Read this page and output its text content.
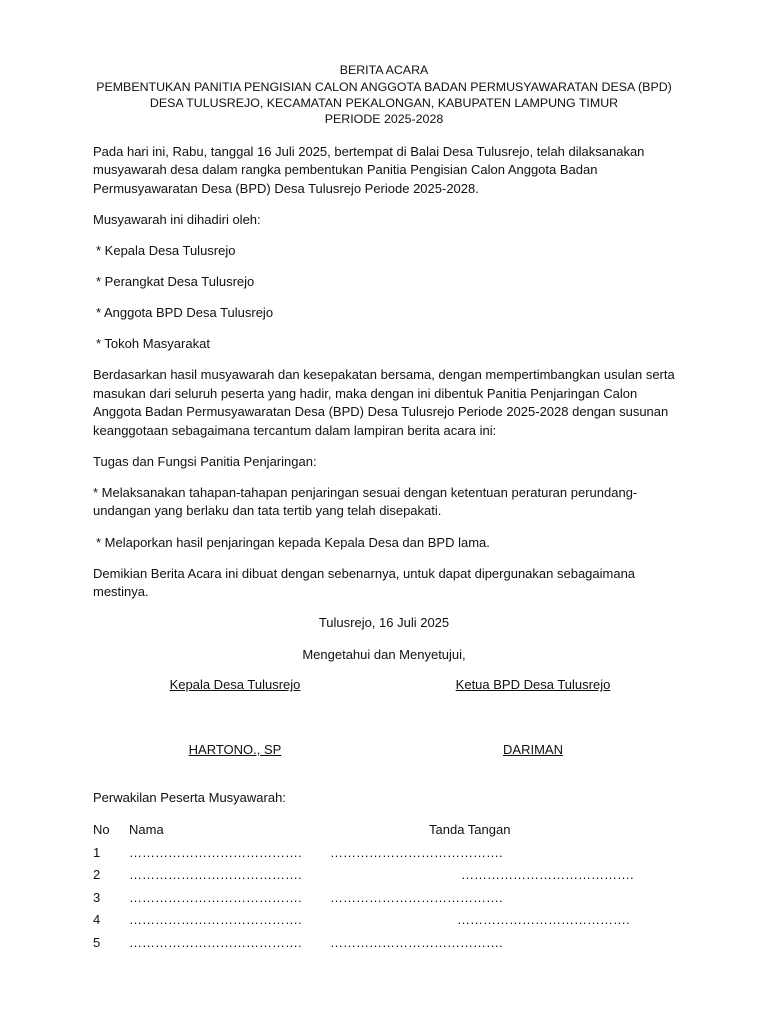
BERITA ACARA
PEMBENTUKAN PANITIA PENGISIAN CALON ANGGOTA BADAN PERMUSYAWARATAN DESA (BPD)
DESA TULUSREJO, KECAMATAN PEKALONGAN, KABUPATEN LAMPUNG TIMUR
PERIODE 2025-2028
Pada hari ini, Rabu, tanggal 16 Juli 2025, bertempat di Balai Desa Tulusrejo, telah dilaksanakan
musyawarah desa dalam rangka pembentukan Panitia Pengisian Calon Anggota Badan
Permusyawaratan Desa (BPD) Desa Tulusrejo Periode 2025-2028.
Musyawarah ini dihadiri oleh:
* Kepala Desa Tulusrejo
* Perangkat Desa Tulusrejo
* Anggota BPD Desa Tulusrejo
* Tokoh Masyarakat
Berdasarkan hasil musyawarah dan kesepakatan bersama, dengan mempertimbangkan usulan serta
masukan dari seluruh peserta yang hadir, maka dengan ini dibentuk Panitia Penjaringan Calon
Anggota Badan Permusyawaratan Desa (BPD) Desa Tulusrejo Periode 2025-2028 dengan susunan
keanggotaan sebagaimana tercantum dalam lampiran berita acara ini:
Tugas dan Fungsi Panitia Penjaringan:
* Melaksanakan tahapan-tahapan penjaringan sesuai dengan ketentuan peraturan perundang-
undangan yang berlaku dan tata tertib yang telah disepakati.
* Melaporkan hasil penjaringan kepada Kepala Desa dan BPD lama.
Demikian Berita Acara ini dibuat dengan sebenarnya, untuk dapat dipergunakan sebagaimana
mestinya.
Tulusrejo, 16 Juli 2025
Mengetahui dan Menyetujui,
Kepala Desa Tulusrejo	Ketua BPD Desa Tulusrejo
HARTONO., SP	DARIMAN
Perwakilan Peserta Musyawarah:
No Nama	Tanda Tangan
1 …………………………………. ………………………………….
2 ………………………………….	………………………………….
3 …………………………………. ………………………………….
4 ………………………………….	………………………………….
5 …………………………………. ………………………………….
